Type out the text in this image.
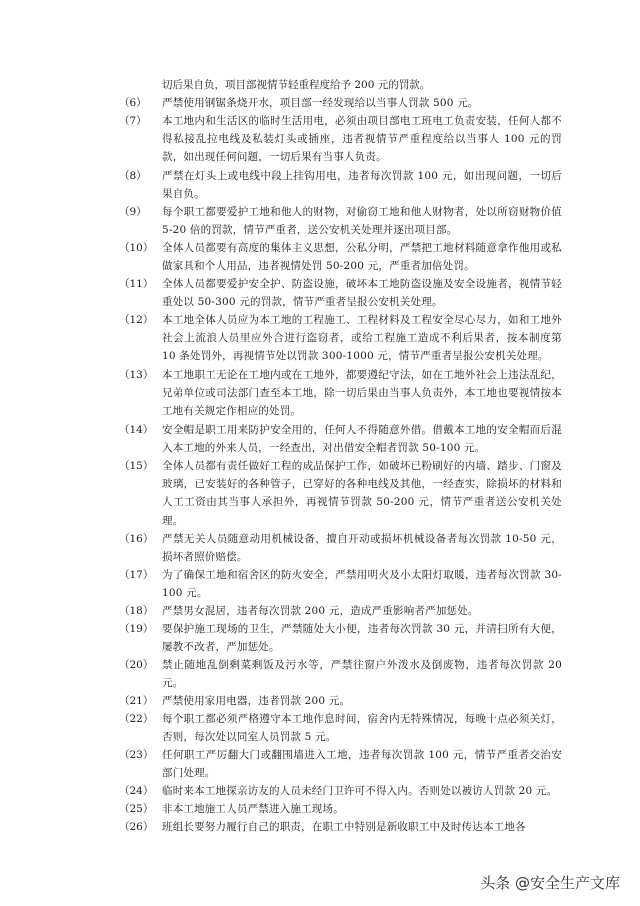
切后果自负，项目部视情节轻重程度给予 200 元的罚款。
（6）	严禁使用钢锯条烧开水，项目部一经发现给以当事人罚款 500 元。
（7）	本工地内和生活区的临时生活用电，必须由项目部电工班电工负责安装，任何人都不得私接乱拉电线及私装灯头或插座，违者视情节严重程度给以当事人 100 元的罚款，如出现任何问题，一切后果有当事人负责。
（8）	严禁在灯头上或电线中段上挂钩用电，违者每次罚款 100 元，如出现问题，一切后果自负。
（9）	每个职工都要爱护工地和他人的财物，对偷窃工地和他人财物者，处以所窃财物价值 5-20 倍的罚款，情节严重者，送公安机关处理并逐出项目部。
（10） 全体人员都要有高度的集体主义思想，公私分明，严禁把工地材料随意拿作他用或私做家具和个人用品，违者视情处罚 50-200 元，严重者加倍处罚。
（11） 全体人员都要爱护安全护、防盗设施，破坏本工地防盗设施及安全设施者，视情节轻重处以 50-300 元的罚款，情节严重者呈报公安机关处理。
（12） 本工地全体人员应为本工地的工程施工、工程材料及工程安全尽心尽力，如和工地外社会上流浪人员里应外合进行盗窃者，或给工程施工造成不利后果者，按本制度第 10 条处罚外，再视情节处以罚款 300-1000 元，情节严重者呈报公安机关处理。
（13） 本工地职工无论在工地内或在工地外，都要遵纪守法，如在工地外社会上违法乱纪，兄弟单位或司法部门查至本工地，除一切后果由当事人负责外，本工地也要视情按本工地有关规定作相应的处罚。
（14） 安全帽是职工用来防护安全用的，任何人不得随意外借。借戴本工地的安全帽而后混入本工地的外来人员，一经查出，对出借安全帽者罚款 50-100 元。
（15） 全体人员都有责任做好工程的成品保护工作，如破坏已粉刷好的内墙、踏步、门窗及玻璃，已安装好的各种管子，已穿好的各种电线及其他，一经查实，除损坏的材料和人工工资由其当事人承担外，再视情节罚款 50-200 元，情节严重者送公安机关处理。
（16） 严禁无关人员随意动用机械设备，擅自开动或损坏机械设备者每次罚款 10-50 元，损坏者照价赔偿。
（17） 为了确保工地和宿舍区的防火安全，严禁用明火及小太阳灯取暖，违者每次罚款 30-100 元。
（18） 严禁男女混居，违者每次罚款 200 元，造成严重影响者严加惩处。
（19） 要保护施工现场的卫生，严禁随处大小便，违者每次罚款 30 元，并清扫所有大便，屡教不改者，严加惩处。
（20） 禁止随地乱倒剩菜剩饭及污水等，严禁往窗户外泼水及倒废物，违者每次罚款 20 元。
（21） 严禁使用家用电器，违者罚款 200 元。
（22） 每个职工都必须严格遵守本工地作息时间，宿舍内无特殊情况，每晚十点必须关灯，否则，每次处以同室人员罚款 5 元。
（23） 任何职工严厉翻大门或翻围墙进入工地，违者每次罚款 100 元，情节严重者交治安部门处理。
（24） 临时来本工地探亲访友的人员未经门卫许可不得入内。否则处以被访人罚款 20 元。
（25） 非本工地施工人员严禁进入施工现场。
（26） 班组长要努力履行自己的职责，在职工中特别是新收职工中及时传达本工地各
头条 @安全生产文库
